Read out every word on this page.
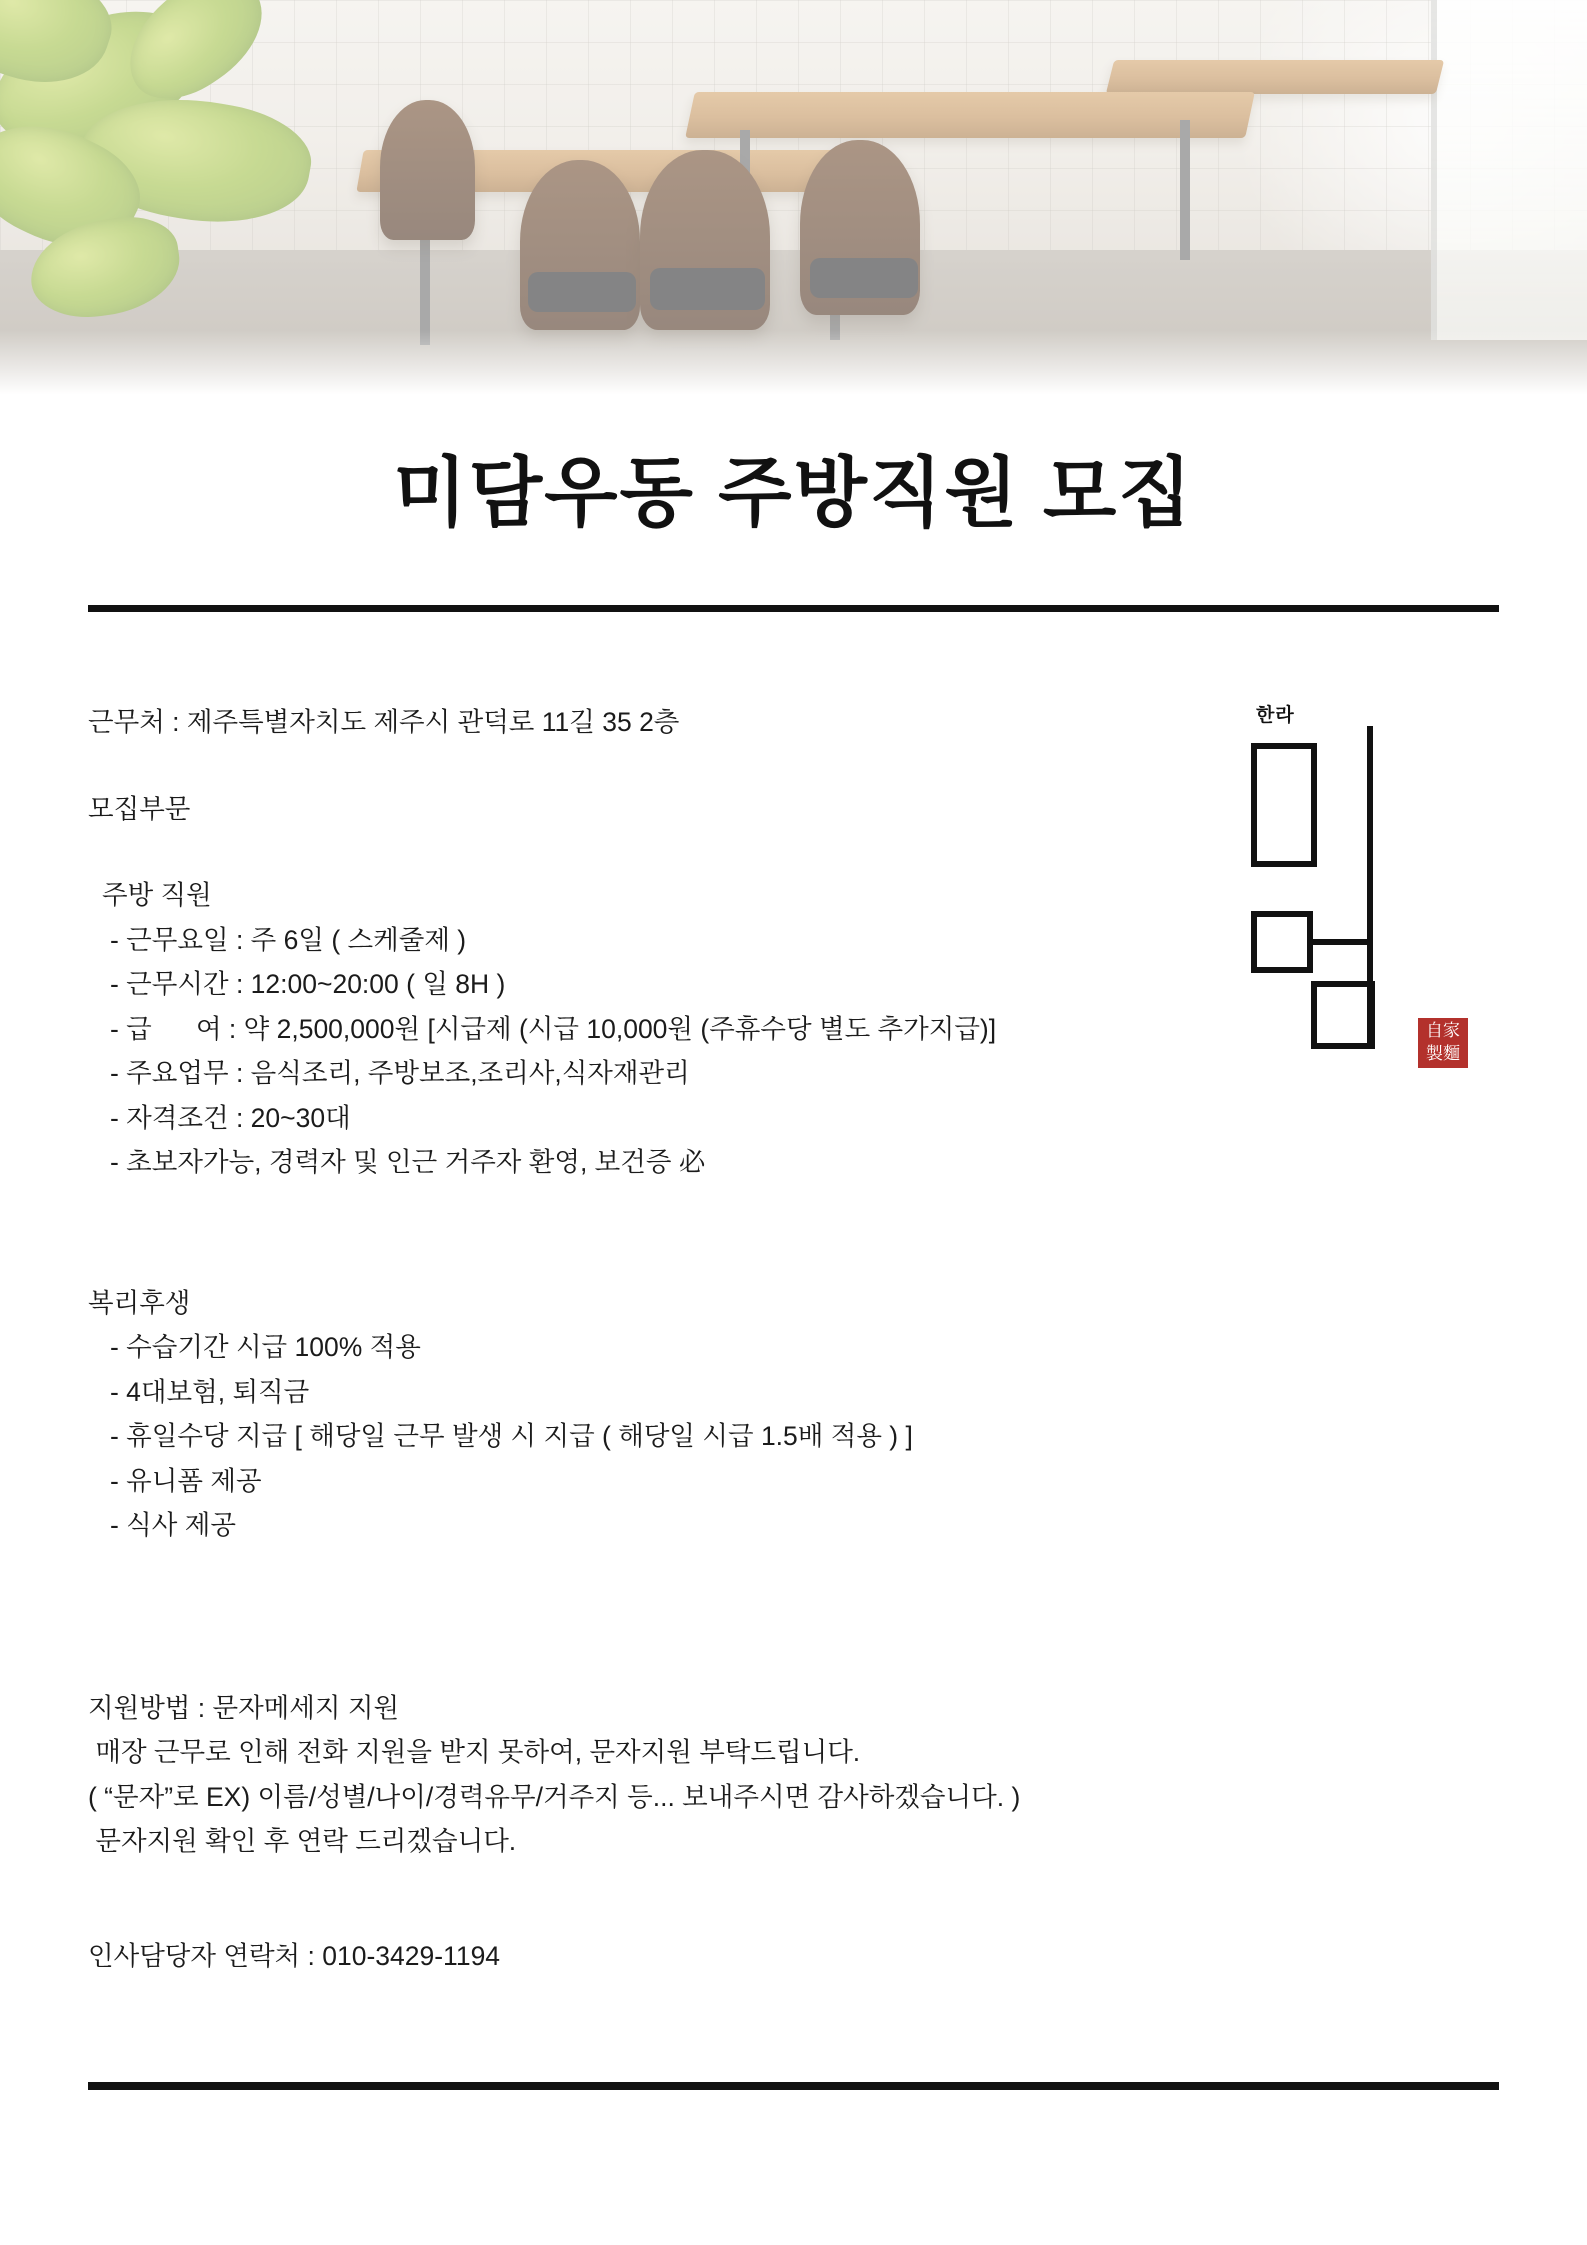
미담우동 주방직원 모집
한라
自家
製麵
근무처 : 제주특별자치도 제주시 관덕로 11길 35 2층
모집부문
주방 직원
- 근무요일 : 주 6일 ( 스케줄제 )
- 근무시간 : 12:00~20:00 ( 일 8H )
- 급      여 : 약 2,500,000원 [시급제 (시급 10,000원 (주휴수당 별도 추가지급)]
- 주요업무 : 음식조리, 주방보조,조리사,식자재관리
- 자격조건 : 20~30대
- 초보자가능, 경력자 및 인근 거주자 환영, 보건증 必
복리후생
- 수습기간 시급 100% 적용
- 4대보험, 퇴직금
- 휴일수당 지급 [ 해당일 근무 발생 시 지급 ( 해당일 시급 1.5배 적용 ) ]
- 유니폼 제공
- 식사 제공
지원방법 : 문자메세지 지원
매장 근무로 인해 전화 지원을 받지 못하여, 문자지원 부탁드립니다.
( “문자”로 EX) 이름/성별/나이/경력유무/거주지 등... 보내주시면 감사하겠습니다. )
문자지원 확인 후 연락 드리겠습니다.
인사담당자 연락처 : 010-3429-1194
